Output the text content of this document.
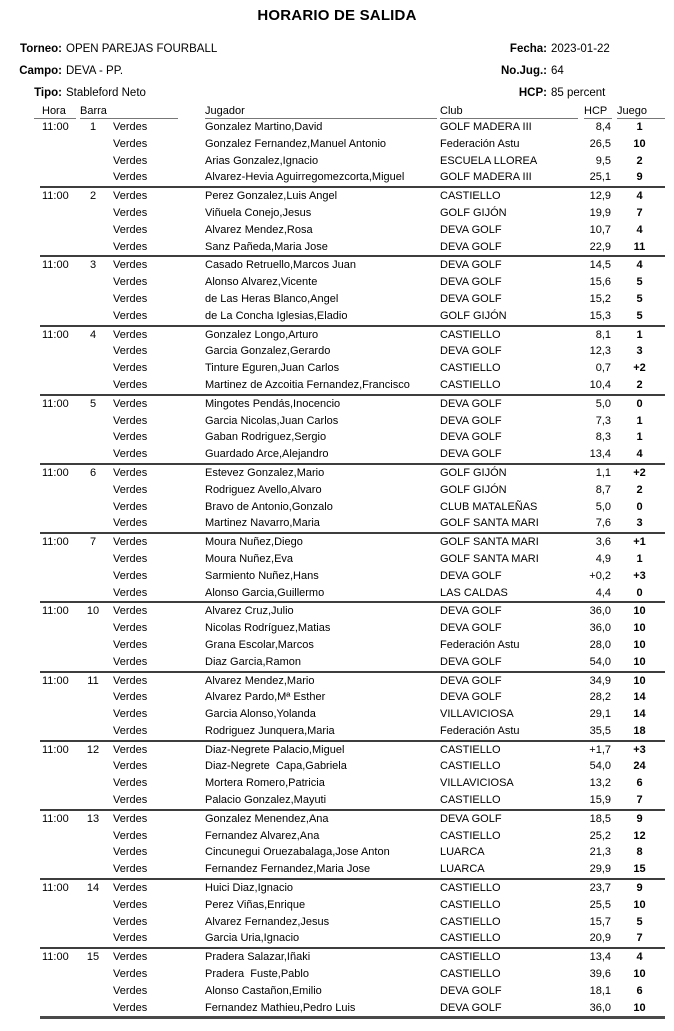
HORARIO DE SALIDA
Torneo: OPEN PAREJAS FOURBALL
Campo: DEVA - PP.
Tipo: Stableford Neto
Fecha: 2023-01-22
No.Jug.: 64
HCP: 85 percent
Hora	Barra		Jugador	Club	HCP	Juego

11:00	1	Verdes	Gonzalez Martino,David	GOLF MADERA III	8,4	1
		Verdes	Gonzalez Fernandez,Manuel Antonio	Federación Astu	26,5	10
		Verdes	Arias Gonzalez,Ignacio	ESCUELA LLOREA	9,5	2
		Verdes	Alvarez-Hevia Aguirregomezcorta,Miguel	GOLF MADERA III	25,1	9
11:00	2	Verdes	Perez Gonzalez,Luis Angel	CASTIELLO	12,9	4
		Verdes	Viñuela Conejo,Jesus	GOLF GIJÓN	19,9	7
		Verdes	Alvarez Mendez,Rosa	DEVA GOLF	10,7	4
		Verdes	Sanz Pañeda,Maria Jose	DEVA GOLF	22,9	11
11:00	3	Verdes	Casado Retruello,Marcos Juan	DEVA GOLF	14,5	4
		Verdes	Alonso Alvarez,Vicente	DEVA GOLF	15,6	5
		Verdes	de Las Heras Blanco,Angel	DEVA GOLF	15,2	5
		Verdes	de La Concha Iglesias,Eladio	GOLF GIJÓN	15,3	5
11:00	4	Verdes	Gonzalez Longo,Arturo	CASTIELLO	8,1	1
		Verdes	Garcia Gonzalez,Gerardo	DEVA GOLF	12,3	3
		Verdes	Tinture Eguren,Juan Carlos	CASTIELLO	0,7	+2
		Verdes	Martinez de Azcoitia Fernandez,Francisco	CASTIELLO	10,4	2
11:00	5	Verdes	Mingotes Pendás,Inocencio	DEVA GOLF	5,0	0
		Verdes	Garcia Nicolas,Juan Carlos	DEVA GOLF	7,3	1
		Verdes	Gaban Rodriguez,Sergio	DEVA GOLF	8,3	1
		Verdes	Guardado Arce,Alejandro	DEVA GOLF	13,4	4
11:00	6	Verdes	Estevez Gonzalez,Mario	GOLF GIJÓN	1,1	+2
		Verdes	Rodriguez Avello,Alvaro	GOLF GIJÓN	8,7	2
		Verdes	Bravo de Antonio,Gonzalo	CLUB MATALEÑAS	5,0	0
		Verdes	Martinez Navarro,Maria	GOLF SANTA MARI	7,6	3
11:00	7	Verdes	Moura Nuñez,Diego	GOLF SANTA MARI	3,6	+1
		Verdes	Moura Nuñez,Eva	GOLF SANTA MARI	4,9	1
		Verdes	Sarmiento Nuñez,Hans	DEVA GOLF	+0,2	+3
		Verdes	Alonso Garcia,Guillermo	LAS CALDAS	4,4	0
11:00	10	Verdes	Alvarez Cruz,Julio	DEVA GOLF	36,0	10
		Verdes	Nicolas Rodríguez,Matias	DEVA GOLF	36,0	10
		Verdes	Grana Escolar,Marcos	Federación Astu	28,0	10
		Verdes	Diaz Garcia,Ramon	DEVA GOLF	54,0	10
11:00	11	Verdes	Alvarez Mendez,Mario	DEVA GOLF	34,9	10
		Verdes	Alvarez Pardo,Mª Esther	DEVA GOLF	28,2	14
		Verdes	Garcia Alonso,Yolanda	VILLAVICIOSA	29,1	14
		Verdes	Rodriguez Junquera,Maria	Federación Astu	35,5	18
11:00	12	Verdes	Diaz-Negrete Palacio,Miguel	CASTIELLO	+1,7	+3
		Verdes	Diaz-Negrete  Capa,Gabriela	CASTIELLO	54,0	24
		Verdes	Mortera Romero,Patricia	VILLAVICIOSA	13,2	6
		Verdes	Palacio Gonzalez,Mayuti	CASTIELLO	15,9	7
11:00	13	Verdes	Gonzalez Menendez,Ana	DEVA GOLF	18,5	9
		Verdes	Fernandez Alvarez,Ana	CASTIELLO	25,2	12
		Verdes	Cincunegui Oruezabalaga,Jose Anton	LUARCA	21,3	8
		Verdes	Fernandez Fernandez,Maria Jose	LUARCA	29,9	15
11:00	14	Verdes	Huici Diaz,Ignacio	CASTIELLO	23,7	9
		Verdes	Perez Viñas,Enrique	CASTIELLO	25,5	10
		Verdes	Alvarez Fernandez,Jesus	CASTIELLO	15,7	5
		Verdes	Garcia Uria,Ignacio	CASTIELLO	20,9	7
11:00	15	Verdes	Pradera Salazar,Iñaki	CASTIELLO	13,4	4
		Verdes	Pradera  Fuste,Pablo	CASTIELLO	39,6	10
		Verdes	Alonso Castañon,Emilio	DEVA GOLF	18,1	6
		Verdes	Fernandez Mathieu,Pedro Luis	DEVA GOLF	36,0	10
